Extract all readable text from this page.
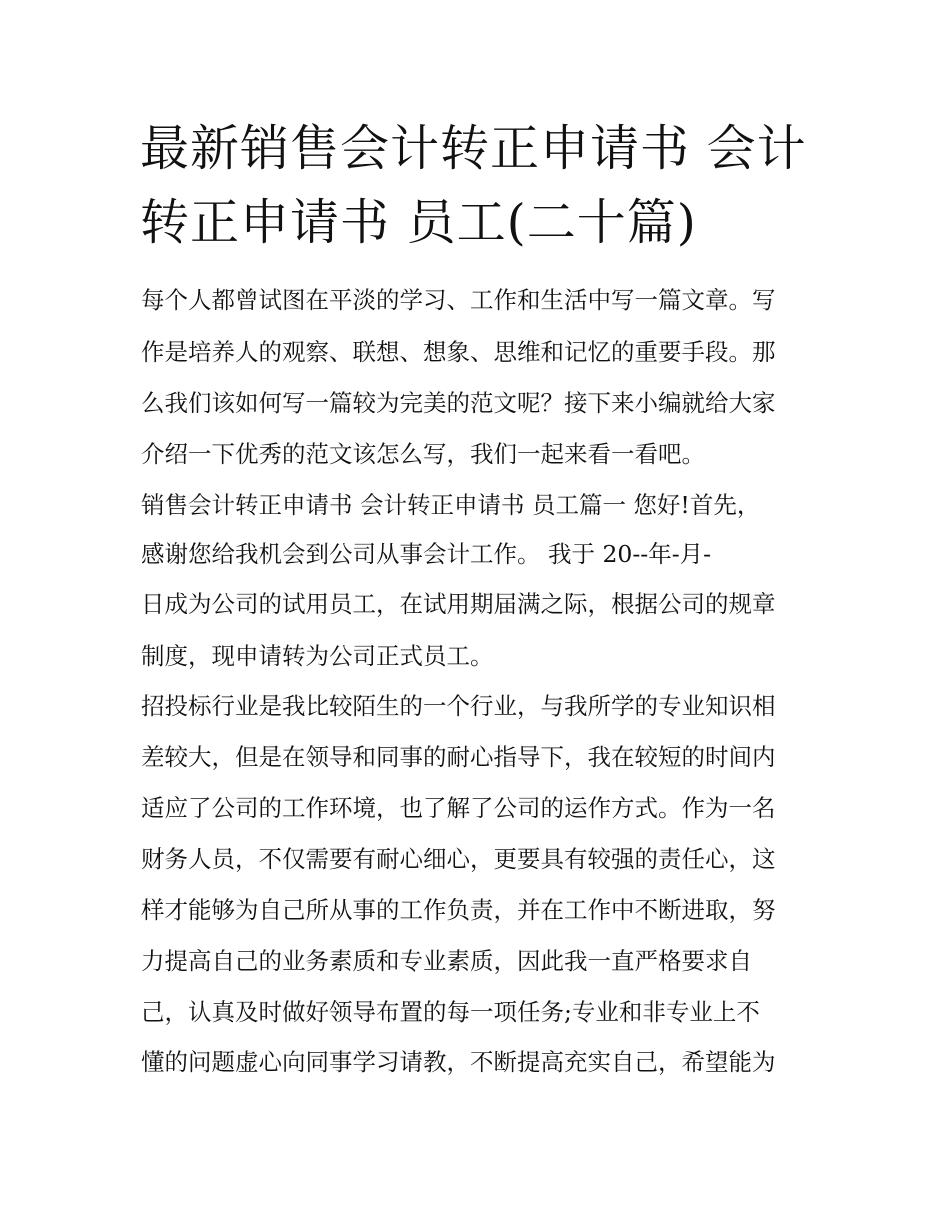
最新销售会计转正申请书 会计
转正申请书 员工(二十篇)

每个人都曾试图在平淡的学习、工作和生活中写一篇文章。写

作是培养人的观察、联想、想象、思维和记忆的重要手段。那

么我们该如何写一篇较为完美的范文呢？接下来小编就给大家

介绍一下优秀的范文该怎么写，我们一起来看一看吧。

销售会计转正申请书 会计转正申请书 员工篇一 您好!首先，

感谢您给我机会到公司从事会计工作。 我于 20--年-月-

日成为公司的试用员工，在试用期届满之际，根据公司的规章

制度，现申请转为公司正式员工。

招投标行业是我比较陌生的一个行业，与我所学的专业知识相

差较大，但是在领导和同事的耐心指导下，我在较短的时间内

适应了公司的工作环境，也了解了公司的运作方式。作为一名

财务人员，不仅需要有耐心细心，更要具有较强的责任心，这

样才能够为自己所从事的工作负责，并在工作中不断进取，努

力提高自己的业务素质和专业素质，因此我一直严格要求自

己，认真及时做好领导布置的每一项任务;专业和非专业上不

懂的问题虚心向同事学习请教，不断提高充实自己，希望能为
